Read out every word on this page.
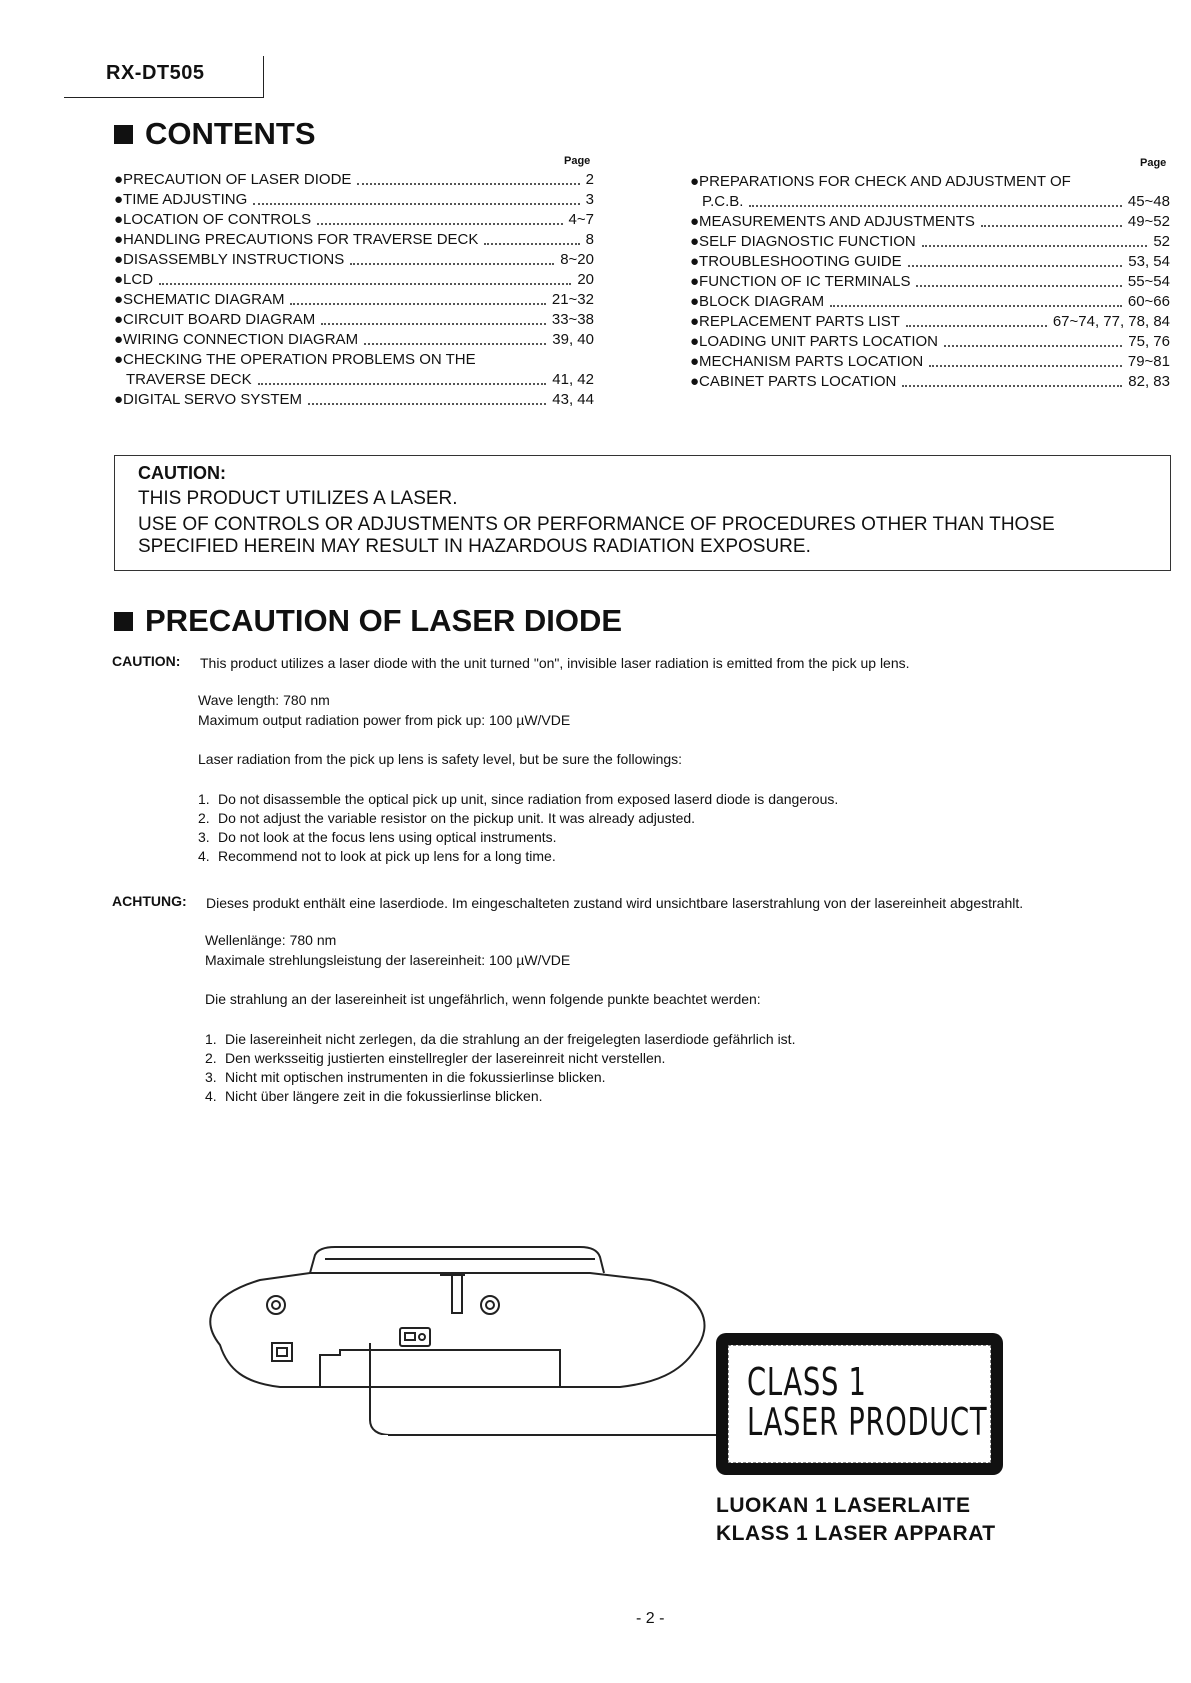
RX-DT505
CONTENTS
Page	Page
●PRECAUTION OF LASER DIODE	2
●TIME ADJUSTING	3
●LOCATION OF CONTROLS	4~7
●HANDLING PRECAUTIONS FOR TRAVERSE DECK	8
●DISASSEMBLY INSTRUCTIONS	8~20
●LCD	20
●SCHEMATIC DIAGRAM	21~32
●CIRCUIT BOARD DIAGRAM	33~38
●WIRING CONNECTION DIAGRAM	39, 40
●CHECKING THE OPERATION PROBLEMS ON THE
TRAVERSE DECK	41, 42
●DIGITAL SERVO SYSTEM	43, 44
●PREPARATIONS FOR CHECK AND ADJUSTMENT OF
P.C.B.	45~48
●MEASUREMENTS AND ADJUSTMENTS	49~52
●SELF DIAGNOSTIC FUNCTION	52
●TROUBLESHOOTING GUIDE	53, 54
●FUNCTION OF IC TERMINALS	55~54
●BLOCK DIAGRAM	60~66
●REPLACEMENT PARTS LIST	67~74, 77, 78, 84
●LOADING UNIT PARTS LOCATION	75, 76
●MECHANISM PARTS LOCATION	79~81
●CABINET PARTS LOCATION	82, 83
CAUTION:
THIS PRODUCT UTILIZES A LASER.
USE OF CONTROLS OR ADJUSTMENTS OR PERFORMANCE OF PROCEDURES OTHER THAN THOSE
SPECIFIED HEREIN MAY RESULT IN HAZARDOUS RADIATION EXPOSURE.
PRECAUTION OF LASER DIODE
CAUTION: This product utilizes a laser diode with the unit turned "on", invisible laser radiation is emitted from the pick up lens.
Wave length: 780 nm
Maximum output radiation power from pick up: 100 µW/VDE
Laser radiation from the pick up lens is safety level, but be sure the followings:
1. Do not disassemble the optical pick up unit, since radiation from exposed laserd diode is dangerous.
2. Do not adjust the variable resistor on the pickup unit. It was already adjusted.
3. Do not look at the focus lens using optical instruments.
4. Recommend not to look at pick up lens for a long time.
ACHTUNG: Dieses produkt enthält eine laserdiode. Im eingeschalteten zustand wird unsichtbare laserstrahlung von der lasereinheit abgestrahlt.
Wellenlänge: 780 nm
Maximale strehlungsleistung der lasereinheit: 100 µW/VDE
Die strahlung an der lasereinheit ist ungefährlich, wenn folgende punkte beachtet werden:
1. Die lasereinheit nicht zerlegen, da die strahlung an der freigelegten laserdiode gefährlich ist.
2. Den werksseitig justierten einstellregler der lasereinreit nicht verstellen.
3. Nicht mit optischen instrumenten in die fokussierlinse blicken.
4. Nicht über längere zeit in die fokussierlinse blicken.
CLASS 1
LASER PRODUCT
LUOKAN 1 LASERLAITE
KLASS 1 LASER APPARAT
- 2 -
